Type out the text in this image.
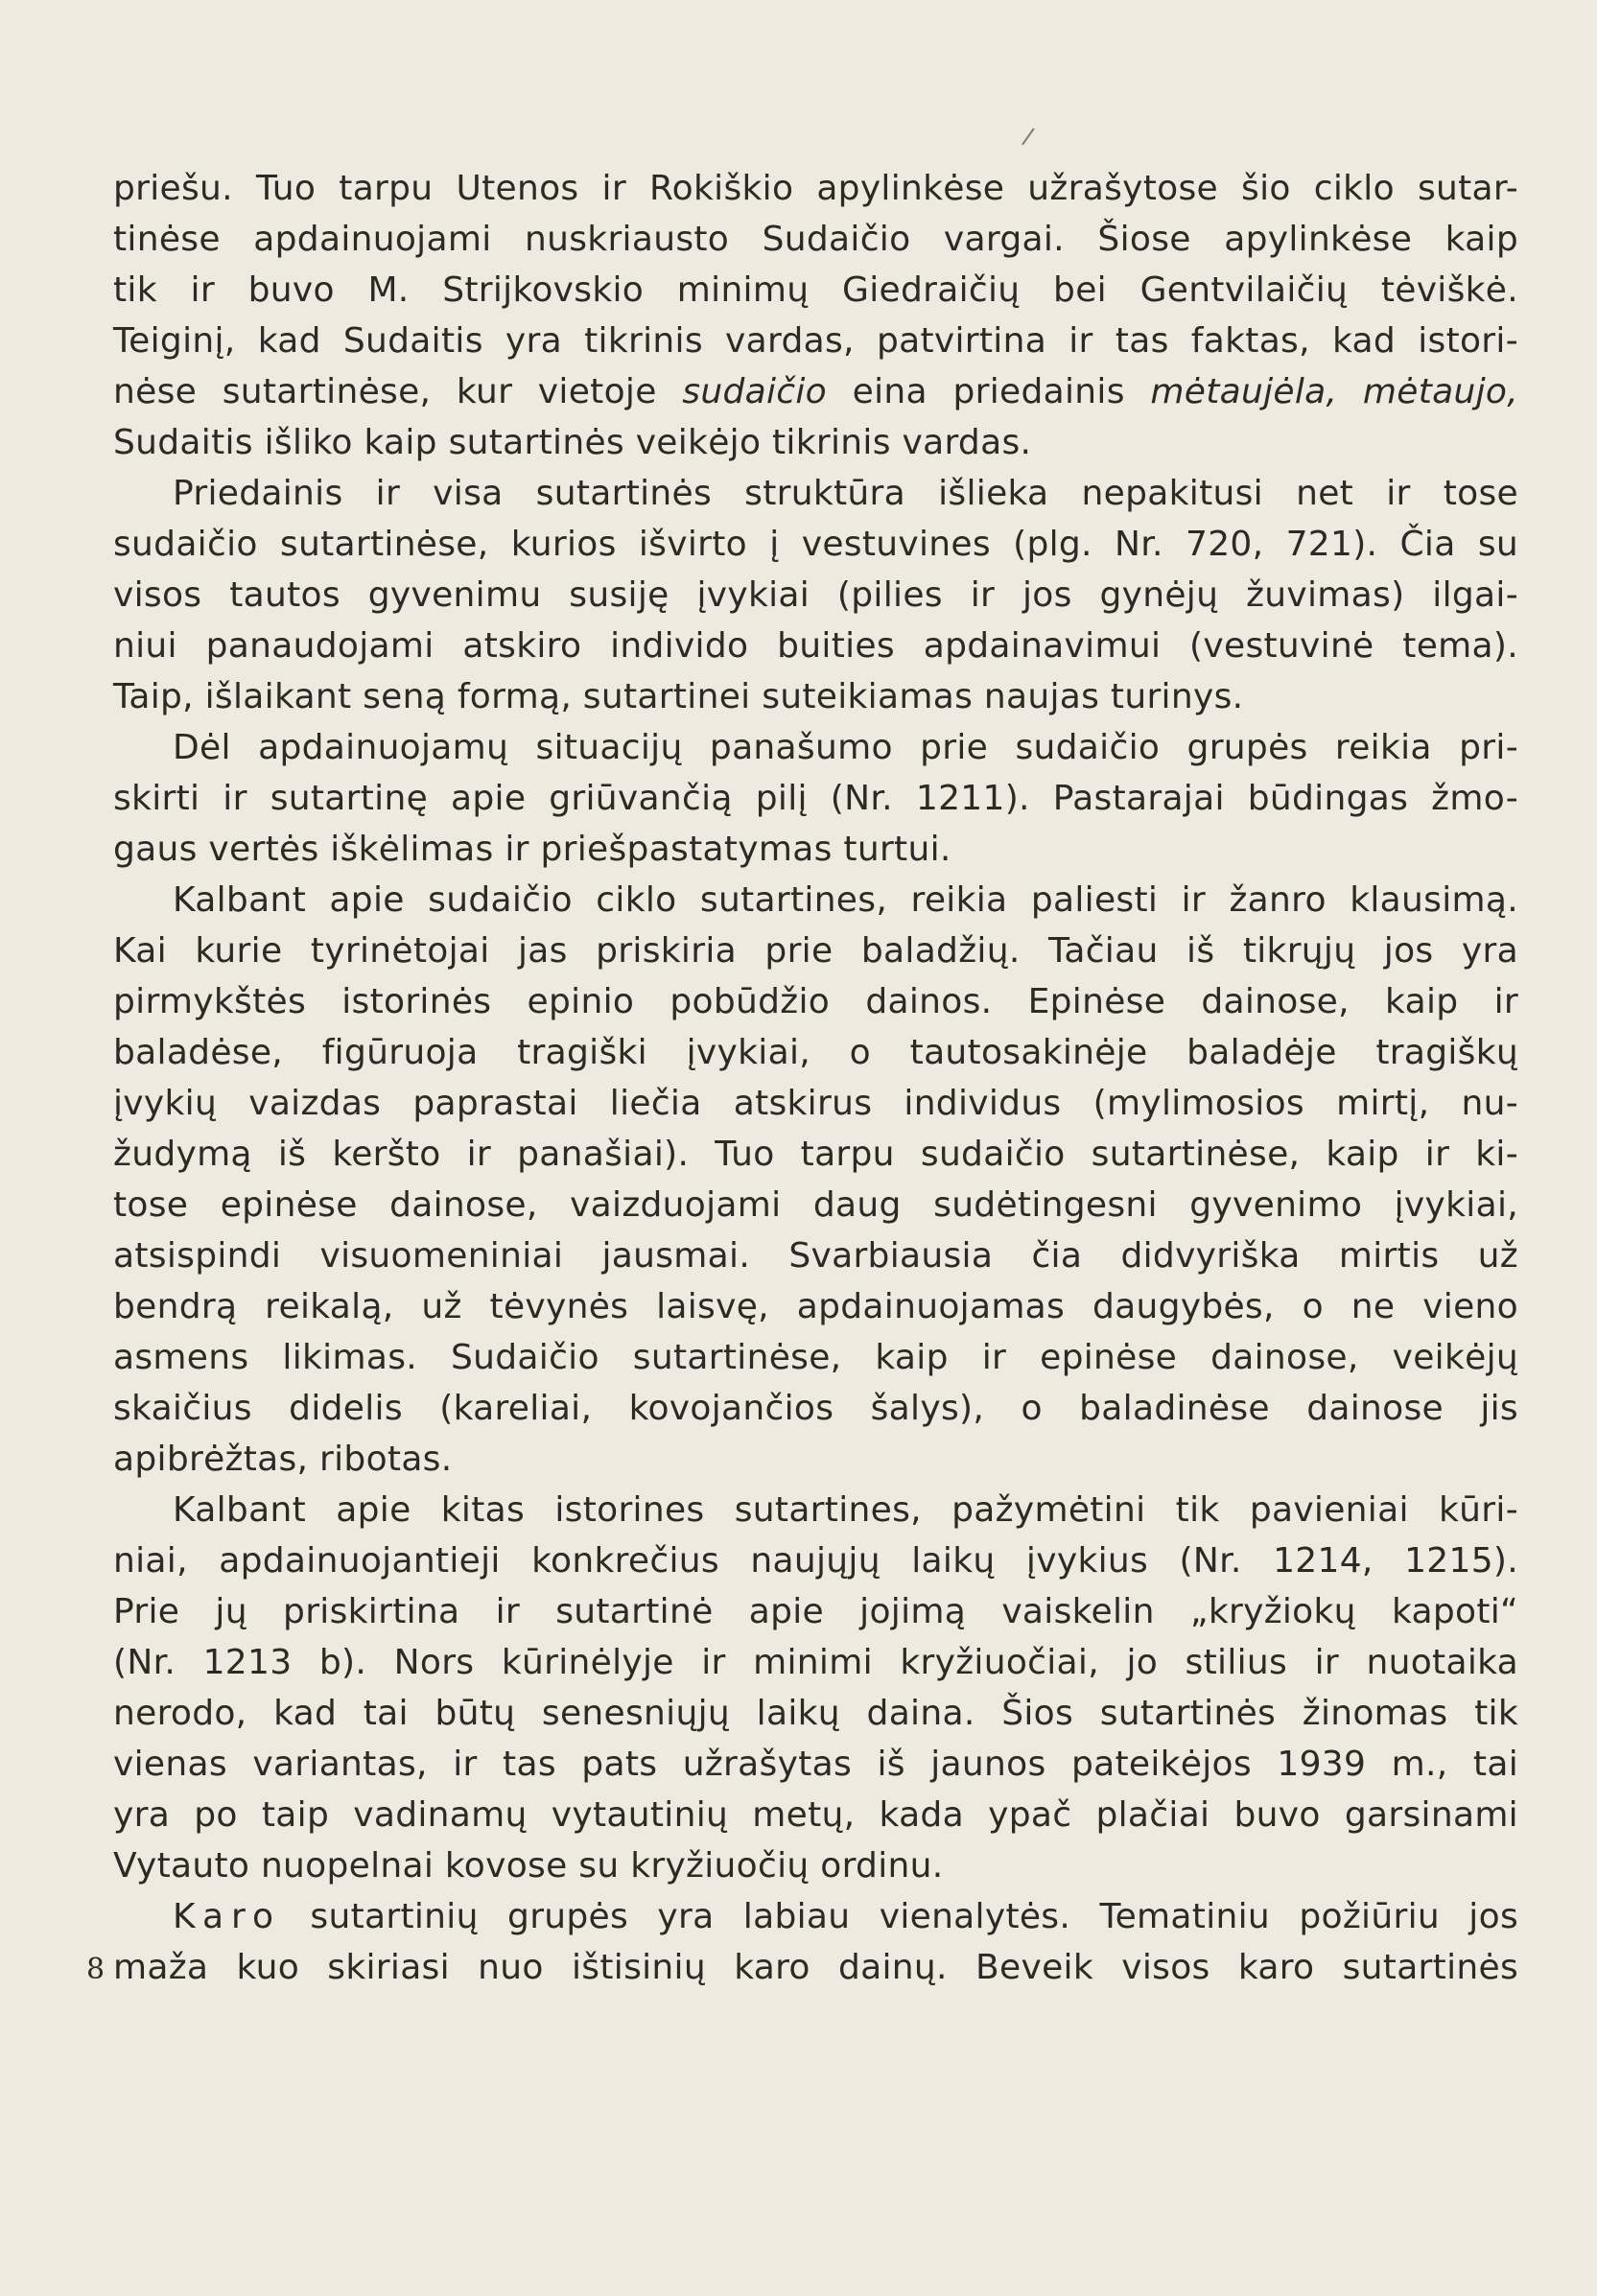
/

priešu. Tuo tarpu Utenos ir Rokiškio apylinkėse užrašytose šio ciklo sutar-
tinėse apdainuojami nuskriausto Sudaičio vargai. Šiose apylinkėse kaip
tik ir buvo M. Strijkovskio minimų Giedraičių bei Gentvilaičių tėviškė.
Teiginį, kad Sudaitis yra tikrinis vardas, patvirtina ir tas faktas, kad istori-
nėse sutartinėse, kur vietoje sudaičio eina priedainis mėtaujėla, mėtaujo,
Sudaitis išliko kaip sutartinės veikėjo tikrinis vardas.

Priedainis ir visa sutartinės struktūra išlieka nepakitusi net ir tose
sudaičio sutartinėse, kurios išvirto į vestuvines (plg. Nr. 720, 721). Čia su
visos tautos gyvenimu susiję įvykiai (pilies ir jos gynėjų žuvimas) ilgai-
niui panaudojami atskiro individo buities apdainavimui (vestuvinė tema).
Taip, išlaikant seną formą, sutartinei suteikiamas naujas turinys.

Dėl apdainuojamų situacijų panašumo prie sudaičio grupės reikia pri-
skirti ir sutartinę apie griūvančią pilį (Nr. 1211). Pastarajai būdingas žmo-
gaus vertės iškėlimas ir priešpastatymas turtui.

Kalbant apie sudaičio ciklo sutartines, reikia paliesti ir žanro klausimą.
Kai kurie tyrinėtojai jas priskiria prie baladžių. Tačiau iš tikrųjų jos yra
pirmykštės istorinės epinio pobūdžio dainos. Epinėse dainose, kaip ir
baladėse, figūruoja tragiški įvykiai, o tautosakinėje baladėje tragiškų
įvykių vaizdas paprastai liečia atskirus individus (mylimosios mirtį, nu-
žudymą iš keršto ir panašiai). Tuo tarpu sudaičio sutartinėse, kaip ir ki-
tose epinėse dainose, vaizduojami daug sudėtingesni gyvenimo įvykiai,
atsispindi visuomeniniai jausmai. Svarbiausia čia didvyriška mirtis už
bendrą reikalą, už tėvynės laisvę, apdainuojamas daugybės, o ne vieno
asmens likimas. Sudaičio sutartinėse, kaip ir epinėse dainose, veikėjų
skaičius didelis (kareliai, kovojančios šalys), o baladinėse dainose jis
apibrėžtas, ribotas.

Kalbant apie kitas istorines sutartines, pažymėtini tik pavieniai kūri-
niai, apdainuojantieji konkrečius naujųjų laikų įvykius (Nr. 1214, 1215).
Prie jų priskirtina ir sutartinė apie jojimą vaiskelin „kryžiokų kapoti“
(Nr. 1213 b). Nors kūrinėlyje ir minimi kryžiuočiai, jo stilius ir nuotaika
nerodo, kad tai būtų senesniųjų laikų daina. Šios sutartinės žinomas tik
vienas variantas, ir tas pats užrašytas iš jaunos pateikėjos 1939 m., tai
yra po taip vadinamų vytautinių metų, kada ypač plačiai buvo garsinami
Vytauto nuopelnai kovose su kryžiuočių ordinu.

Karo sutartinių grupės yra labiau vienalytės. Tematiniu požiūriu jos
maža kuo skiriasi nuo ištisinių karo dainų. Beveik visos karo sutartinės

8
